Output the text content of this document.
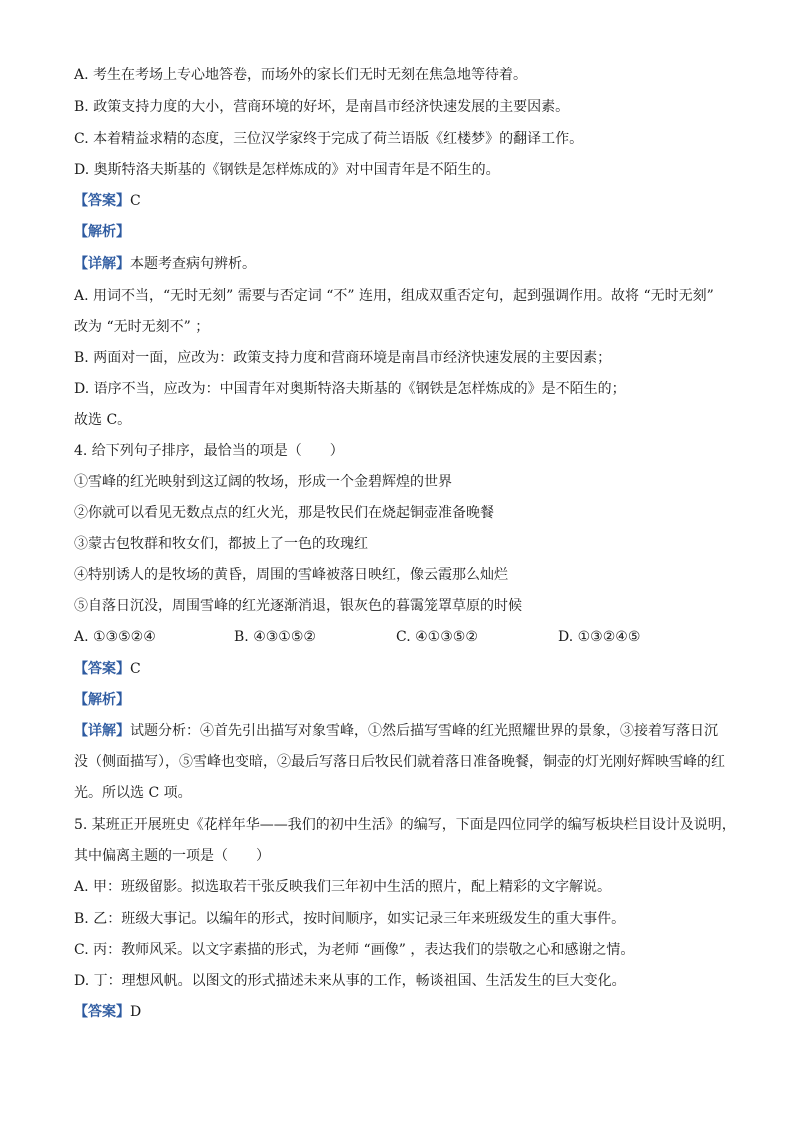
A. 考生在考场上专心地答卷，而场外的家长们无时无刻在焦急地等待着。
B. 政策支持力度的大小，营商环境的好坏，是南昌市经济快速发展的主要因素。
C. 本着精益求精的态度，三位汉学家终于完成了荷兰语版《红楼梦》的翻译工作。
D. 奥斯特洛夫斯基的《钢铁是怎样炼成的》对中国青年是不陌生的。
【答案】C
【解析】
【详解】本题考查病句辨析。
A. 用词不当，“无时无刻” 需要与否定词 “不” 连用，组成双重否定句，起到强调作用。故将 “无时无刻”
改为 “无时无刻不” ；
B. 两面对一面，应改为：政策支持力度和营商环境是南昌市经济快速发展的主要因素；
D. 语序不当，应改为：中国青年对奥斯特洛夫斯基的《钢铁是怎样炼成的》是不陌生的；
故选 C。
4. 给下列句子排序，最恰当的项是（　　）
①雪峰的红光映射到这辽阔的牧场，形成一个金碧辉煌的世界
②你就可以看见无数点点的红火光，那是牧民们在烧起铜壶准备晚餐
③蒙古包牧群和牧女们，都披上了一色的玫瑰红
④特别诱人的是牧场的黄昏，周围的雪峰被落日映红，像云霞那么灿烂
⑤自落日沉没，周围雪峰的红光逐渐消退，银灰色的暮霭笼罩草原的时候
A. ①③⑤②④	B. ④③①⑤②	C. ④①③⑤②	D. ①③②④⑤
【答案】C
【解析】
【详解】试题分析：④首先引出描写对象雪峰，①然后描写雪峰的红光照耀世界的景象，③接着写落日沉
没（侧面描写），⑤雪峰也变暗，②最后写落日后牧民们就着落日准备晚餐，铜壶的灯光刚好辉映雪峰的红
光。所以选 C 项。
5. 某班正开展班史《花样年华——我们的初中生活》的编写，下面是四位同学的编写板块栏目设计及说明，
其中偏离主题的一项是（　　）
A. 甲：班级留影。拟选取若干张反映我们三年初中生活的照片，配上精彩的文字解说。
B. 乙：班级大事记。以编年的形式，按时间顺序，如实记录三年来班级发生的重大事件。
C. 丙：教师风采。以文字素描的形式，为老师 “画像” ，表达我们的崇敬之心和感谢之情。
D. 丁：理想风帆。以图文的形式描述未来从事的工作，畅谈祖国、生活发生的巨大变化。
【答案】D
